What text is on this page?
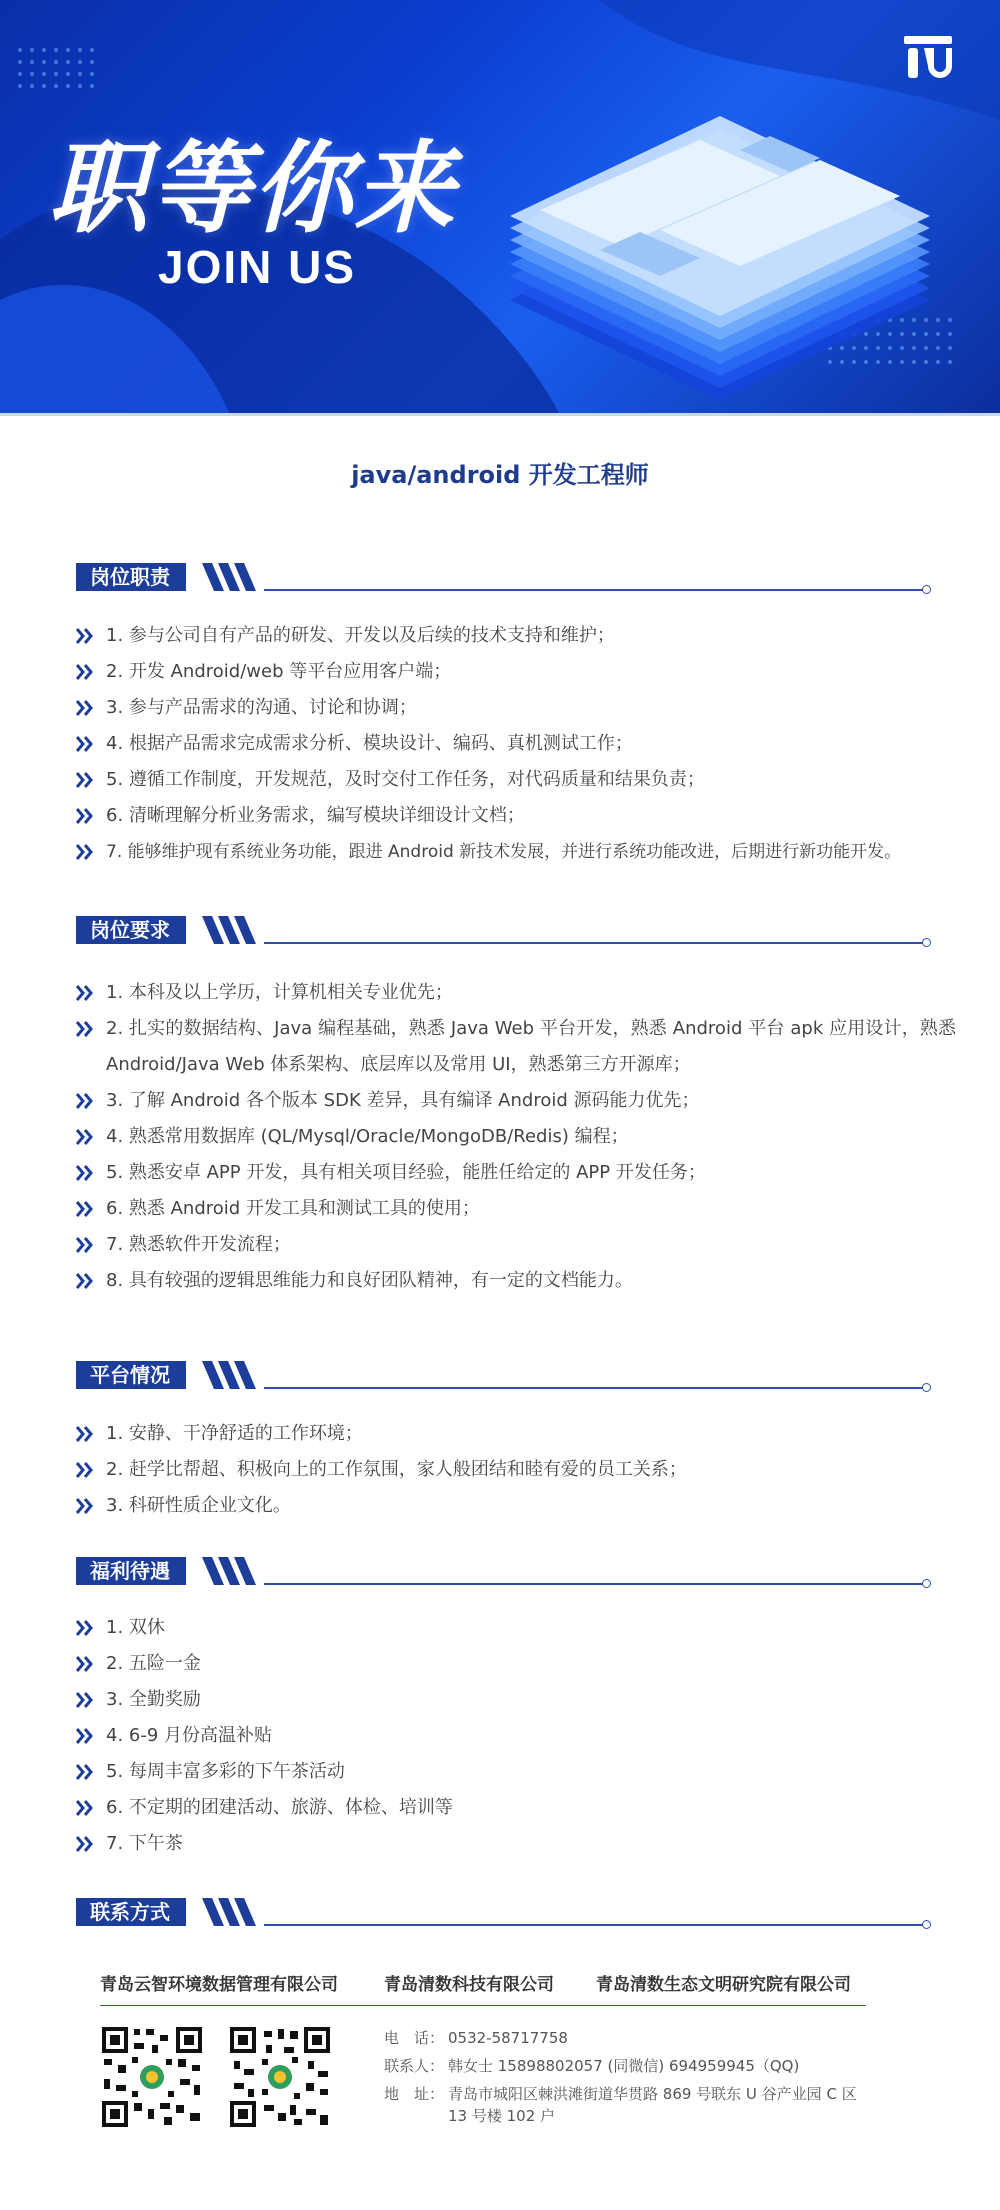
职等你来
JOIN US
java/android 开发工程师
岗位职责
1. 参与公司自有产品的研发、开发以及后续的技术支持和维护；
2. 开发 Android/web 等平台应用客户端；
3. 参与产品需求的沟通、讨论和协调；
4. 根据产品需求完成需求分析、模块设计、编码、真机测试工作；
5. 遵循工作制度，开发规范，及时交付工作任务，对代码质量和结果负责；
6. 清晰理解分析业务需求，编写模块详细设计文档；
7. 能够维护现有系统业务功能，跟进 Android 新技术发展，并进行系统功能改进，后期进行新功能开发。
岗位要求
1. 本科及以上学历，计算机相关专业优先；
2. 扎实的数据结构、Java 编程基础，熟悉 Java Web 平台开发，熟悉 Android 平台 apk 应用设计，熟悉 Android/Java Web 体系架构、底层库以及常用 UI，熟悉第三方开源库；
3. 了解 Android 各个版本 SDK 差异，具有编译 Android 源码能力优先；
4. 熟悉常用数据库 (QL/Mysql/Oracle/MongoDB/Redis) 编程；
5. 熟悉安卓 APP 开发，具有相关项目经验，能胜任给定的 APP 开发任务；
6. 熟悉 Android 开发工具和测试工具的使用；
7. 熟悉软件开发流程；
8. 具有较强的逻辑思维能力和良好团队精神，有一定的文档能力。
平台情况
1. 安静、干净舒适的工作环境；
2. 赶学比帮超、积极向上的工作氛围，家人般团结和睦有爱的员工关系；
3. 科研性质企业文化。
福利待遇
1. 双休
2. 五险一金
3. 全勤奖励
4. 6-9 月份高温补贴
5. 每周丰富多彩的下午茶活动
6. 不定期的团建活动、旅游、体检、培训等
7. 下午茶
联系方式
青岛云智环境数据管理有限公司	青岛清数科技有限公司 青岛清数生态文明研究院有限公司
电　话： 0532-58717758
联系人： 韩女士 15898802057 (同微信) 694959945（QQ)
地　址： 青岛市城阳区棘洪滩街道华贯路 869 号联东 U 谷产业园 C 区 13 号楼 102 户
